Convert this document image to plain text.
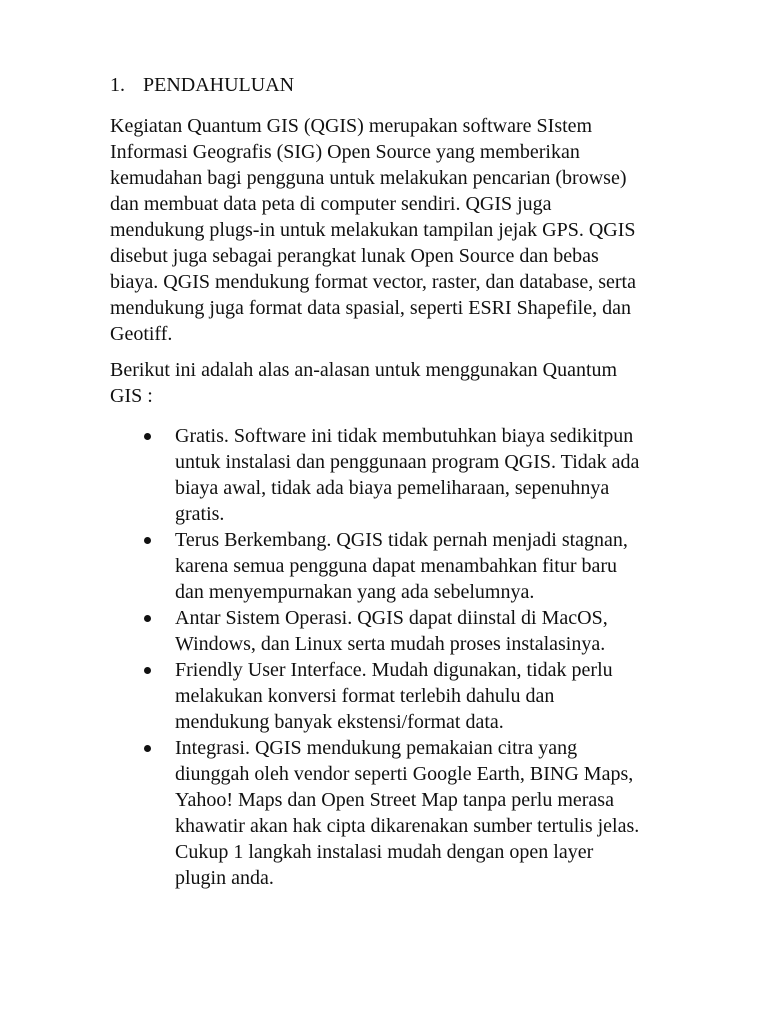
1. PENDAHULUAN

Kegiatan Quantum GIS (QGIS) merupakan software SIstem
Informasi Geografis (SIG) Open Source yang memberikan
kemudahan bagi pengguna untuk melakukan pencarian (browse)
dan membuat data peta di computer sendiri. QGIS juga
mendukung plugs-in untuk melakukan tampilan jejak GPS. QGIS
disebut juga sebagai perangkat lunak Open Source dan bebas
biaya. QGIS mendukung format vector, raster, dan database, serta
mendukung juga format data spasial, seperti ESRI Shapefile, dan
Geotiff.

Berikut ini adalah alas an-alasan untuk menggunakan Quantum
GIS :

Gratis. Software ini tidak membutuhkan biaya sedikitpun
untuk instalasi dan penggunaan program QGIS. Tidak ada
biaya awal, tidak ada biaya pemeliharaan, sepenuhnya
gratis.
Terus Berkembang. QGIS tidak pernah menjadi stagnan,
karena semua pengguna dapat menambahkan fitur baru
dan menyempurnakan yang ada sebelumnya.
Antar Sistem Operasi. QGIS dapat diinstal di MacOS,
Windows, dan Linux serta mudah proses instalasinya.
Friendly User Interface. Mudah digunakan, tidak perlu
melakukan konversi format terlebih dahulu dan
mendukung banyak ekstensi/format data.
Integrasi. QGIS mendukung pemakaian citra yang
diunggah oleh vendor seperti Google Earth, BING Maps,
Yahoo! Maps dan Open Street Map tanpa perlu merasa
khawatir akan hak cipta dikarenakan sumber tertulis jelas.
Cukup 1 langkah instalasi mudah dengan open layer
plugin anda.
